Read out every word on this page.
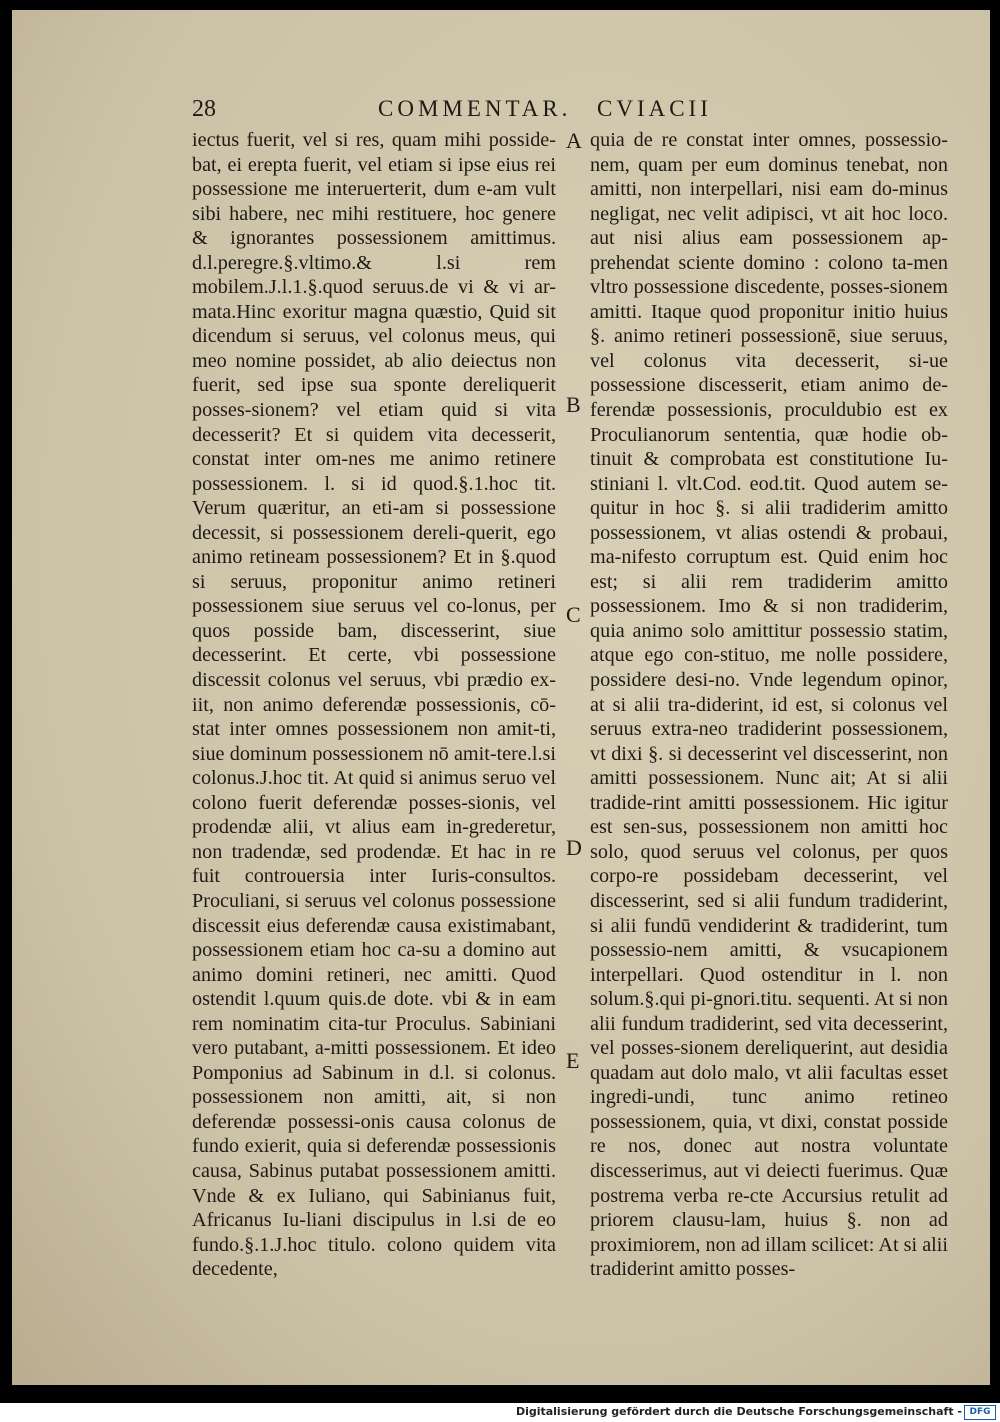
28	COMMENTAR. CVIACII

iectus fuerit, vel si res, quam mihi posside-bat, ei erepta fuerit, vel etiam si ipse eius rei possessione me interuerterit, dum e-am vult sibi habere, nec mihi restituere, hoc genere & ignorantes possessionem amittimus. d.l.peregre.§.vltimo.& l.si rem mobilem.J.l.1.§.quod seruus.de vi & vi ar-mata.Hinc exoritur magna quæstio, Quid sit dicendum si seruus, vel colonus meus, qui meo nomine possidet, ab alio deiectus non fuerit, sed ipse sua sponte dereliquerit posses-sionem? vel etiam quid si vita decesserit? Et si quidem vita decesserit, constat inter om-nes me animo retinere possessionem. l. si id quod.§.1.hoc tit. Verum quæritur, an eti-am si possessione decessit, si possessionem dereli-querit, ego animo retineam possessionem? Et in §.quod si seruus, proponitur animo retineri possessionem siue seruus vel co-lonus, per quos posside bam, discesserint, siue decesserint. Et certe, vbi possessione discessit colonus vel seruus, vbi prædio ex-iit, non animo deferendæ possessionis, cō-stat inter omnes possessionem non amit-ti, siue dominum possessionem nō amit-tere.l.si colonus.J.hoc tit. At quid si animus seruo vel colono fuerit deferendæ posses-sionis, vel prodendæ alii, vt alius eam in-grederetur, non tradendæ, sed prodendæ. Et hac in re fuit controuersia inter Iuris-consultos. Proculiani, si seruus vel colonus possessione discessit eius deferendæ causa existimabant, possessionem etiam hoc ca-su a domino aut animo domini retineri, nec amitti. Quod ostendit l.quum quis.de dote. vbi & in eam rem nominatim cita-tur Proculus. Sabiniani vero putabant, a-mitti possessionem. Et ideo Pomponius ad Sabinum in d.l. si colonus. possessionem non amitti, ait, si non deferendæ possessi-onis causa colonus de fundo exierit, quia si deferendæ possessionis causa, Sabinus putabat possessionem amitti. Vnde & ex Iuliano, qui Sabinianus fuit, Africanus Iu-liani discipulus in l.si de eo fundo.§.1.J.hoc titulo. colono quidem vita decedente,

quia de re constat inter omnes, possessio-nem, quam per eum dominus tenebat, non amitti, non interpellari, nisi eam do-minus negligat, nec velit adipisci, vt ait hoc loco. aut nisi alius eam possessionem ap-prehendat sciente domino : colono ta-men vltro possessione discedente, posses-sionem amitti. Itaque quod proponitur initio huius §. animo retineri possessionē, siue seruus, vel colonus vita decesserit, si-ue possessione discesserit, etiam animo de-ferendæ possessionis, proculdubio est ex Proculianorum sententia, quæ hodie ob-tinuit & comprobata est constitutione Iu-stiniani l. vlt.Cod. eod.tit. Quod autem se-quitur in hoc §. si alii tradiderim amitto possessionem, vt alias ostendi & probaui, ma-nifesto corruptum est. Quid enim hoc est; si alii rem tradiderim amitto possessionem. Imo & si non tradiderim, quia animo solo amittitur possessio statim, atque ego con-stituo, me nolle possidere, possidere desi-no. Vnde legendum opinor, at si alii tra-diderint, id est, si colonus vel seruus extra-neo tradiderint possessionem, vt dixi §. si decesserint vel discesserint, non amitti possessionem. Nunc ait; At si alii tradide-rint amitti possessionem. Hic igitur est sen-sus, possessionem non amitti hoc solo, quod seruus vel colonus, per quos corpo-re possidebam decesserint, vel discesserint, sed si alii fundum tradiderint, si alii fundū vendiderint & tradiderint, tum possessio-nem amitti, & vsucapionem interpellari. Quod ostenditur in l. non solum.§.qui pi-gnori.titu. sequenti. At si non alii fundum tradiderint, sed vita decesserint, vel posses-sionem dereliquerint, aut desidia quadam aut dolo malo, vt alii facultas esset ingredi-undi, tunc animo retineo possessionem, quia, vt dixi, constat posside re nos, donec aut nostra voluntate discesserimus, aut vi deiecti fuerimus. Quæ postrema verba re-cte Accursius retulit ad priorem clausu-lam, huius §. non ad proximiorem, non ad illam scilicet: At si alii tradiderint amitto posses-

A
B
C
D
E
Digitalisierung gefördert durch die Deutsche Forschungsgemeinschaft - DFG
